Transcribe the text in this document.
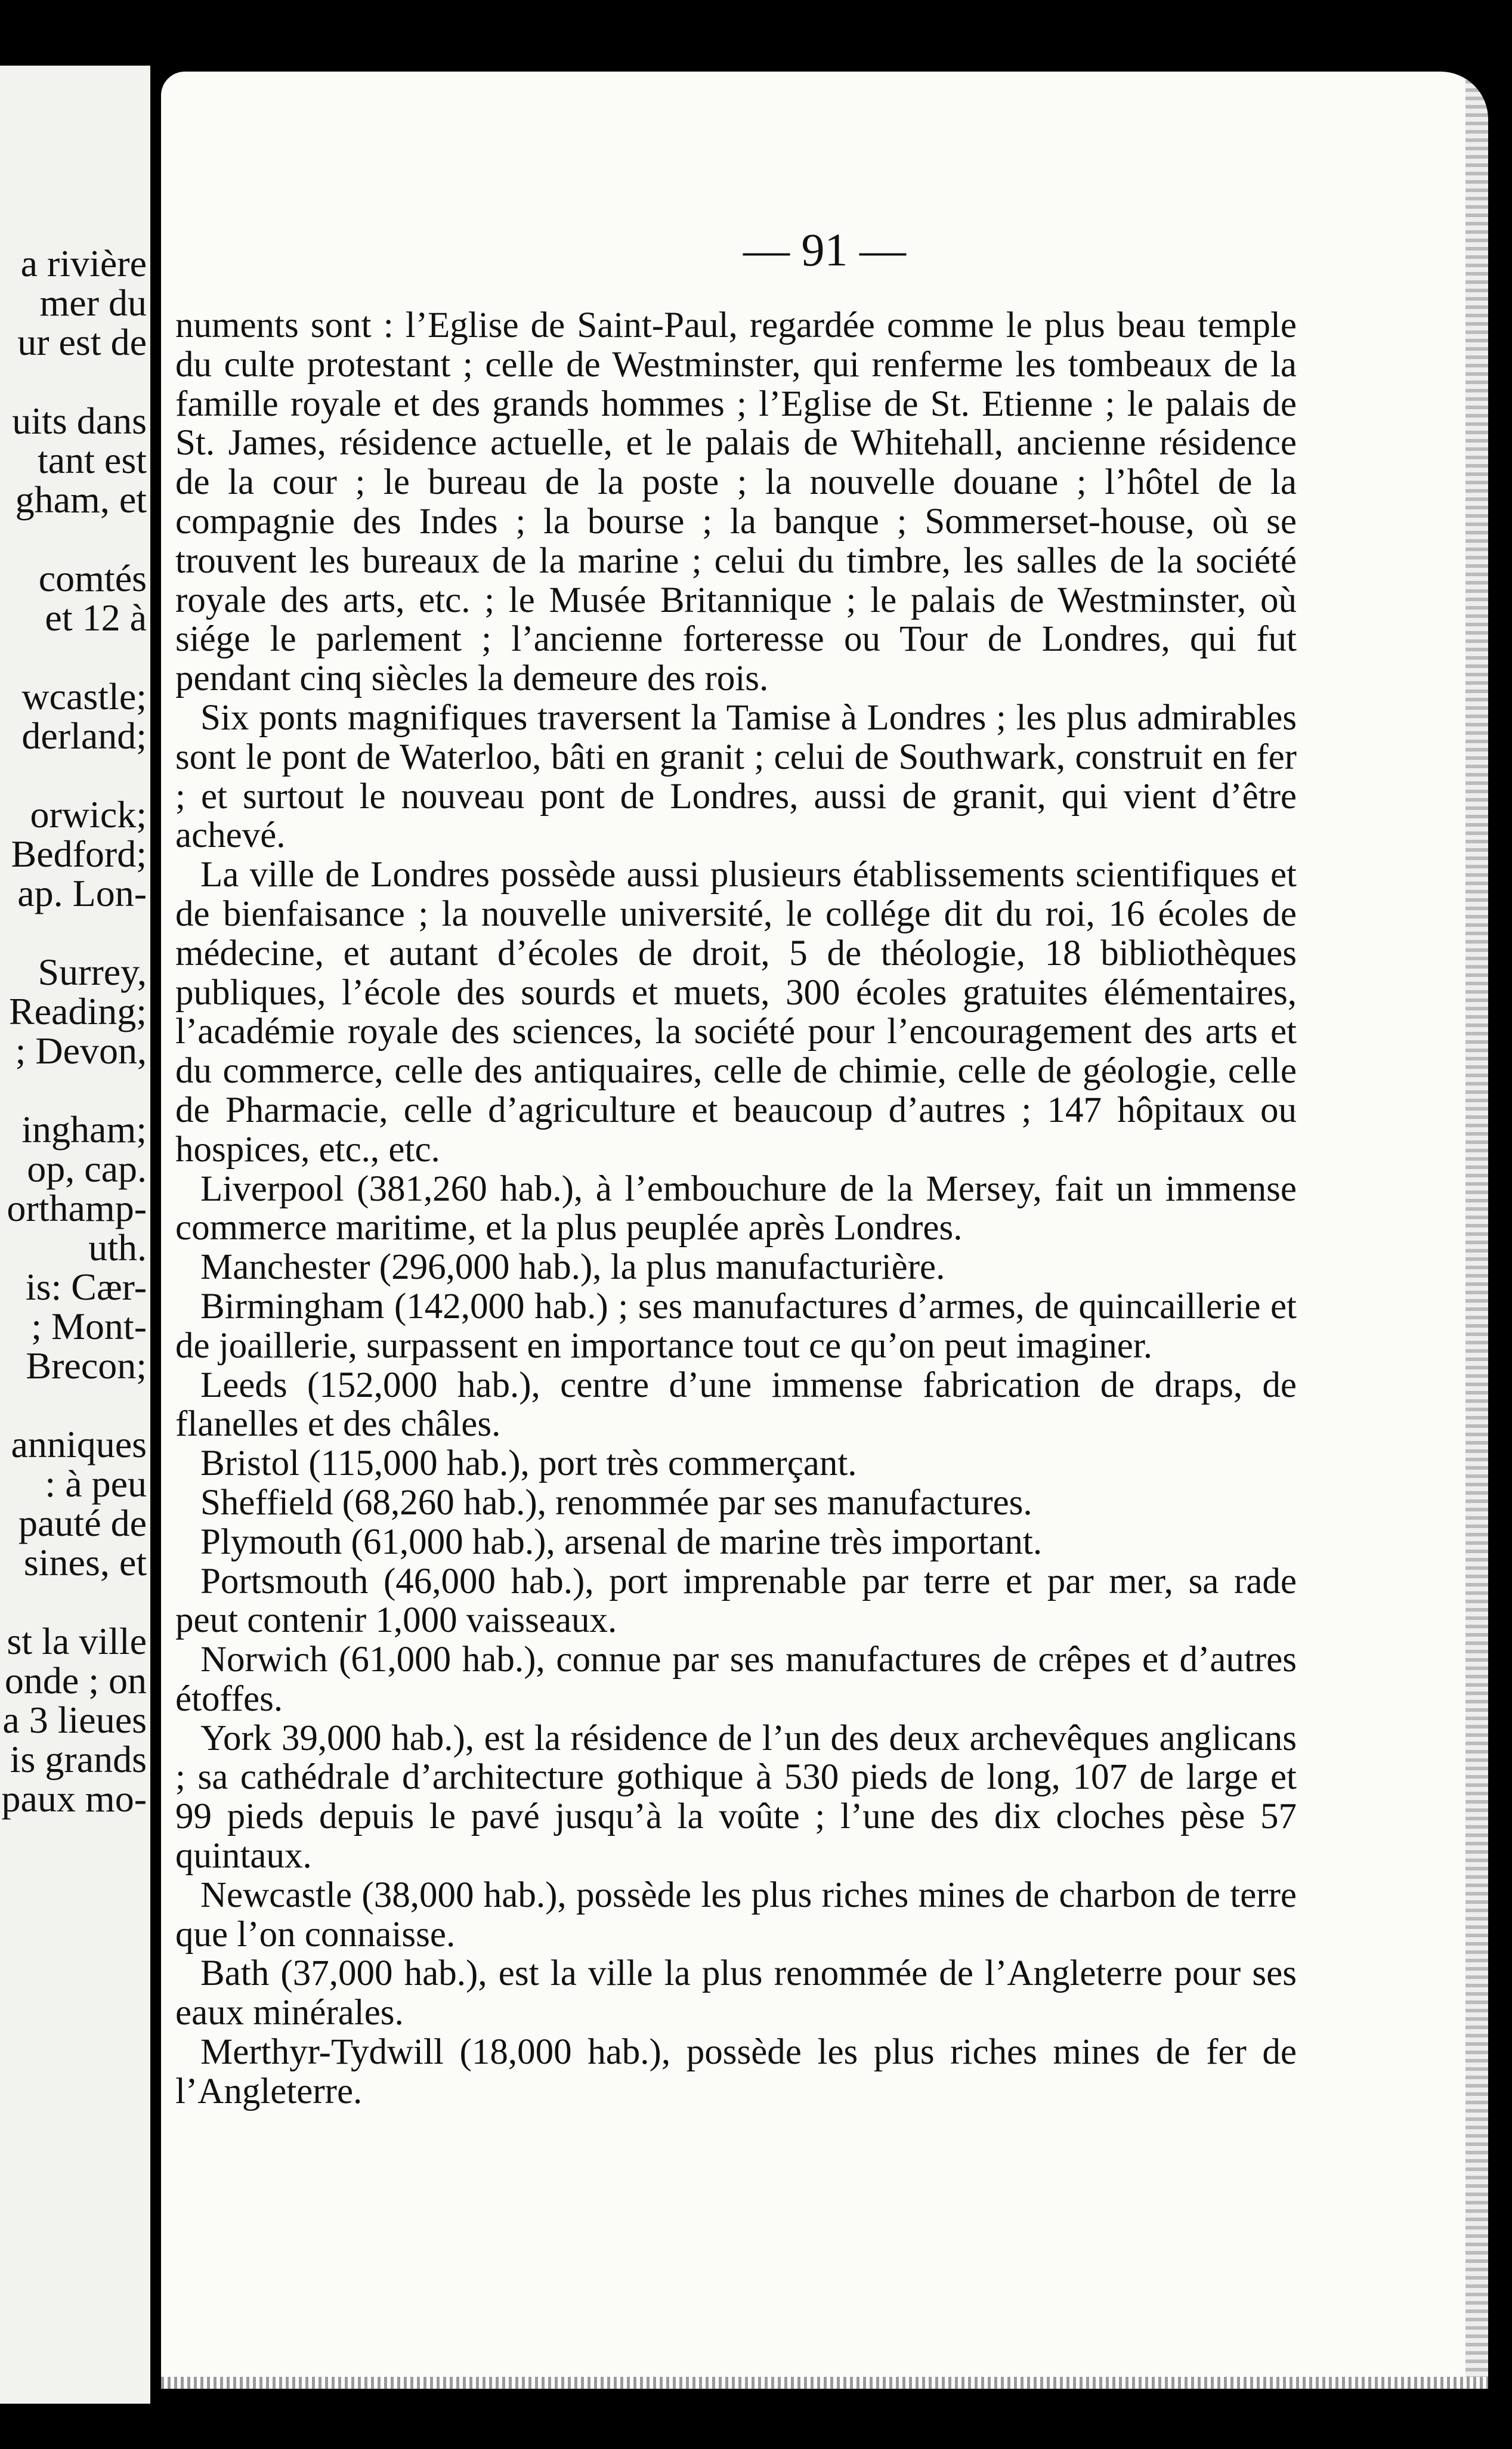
a rivière
mer du
ur est de
uits dans
tant est
gham, et
comtés
et 12 à
wcastle;
derland;
orwick;
Bedford;
ap. Lon-
Surrey,
Reading;
; Devon,
ingham;
op, cap.
orthamp-
uth.
is: Cær-
; Mont-
Brecon;
anniques
: à peu
pauté de
sines, et
st la ville
onde ; on
a 3 lieues
is grands
paux mo-
— 91 —

numents sont : l’Eglise de Saint-Paul, regardée comme le plus beau temple du culte protestant ; celle de Westminster, qui renferme les tombeaux de la famille royale et des grands hommes ; l’Eglise de St. Etienne ; le palais de St. James, résidence actuelle, et le palais de Whitehall, ancienne résidence de la cour ; le bureau de la poste ; la nouvelle douane ; l’hôtel de la compagnie des Indes ; la bourse ; la banque ; Sommerset-house, où se trouvent les bureaux de la marine ; celui du timbre, les salles de la société royale des arts, etc. ; le Musée Britannique ; le palais de Westminster, où siége le parlement ; l’ancienne forteresse ou Tour de Londres, qui fut pendant cinq siècles la demeure des rois.

Six ponts magnifiques traversent la Tamise à Londres ; les plus admirables sont le pont de Waterloo, bâti en granit ; celui de Southwark, construit en fer ; et surtout le nouveau pont de Londres, aussi de granit, qui vient d’être achevé.

La ville de Londres possède aussi plusieurs établissements scientifiques et de bienfaisance ; la nouvelle université, le collége dit du roi, 16 écoles de médecine, et autant d’écoles de droit, 5 de théologie, 18 bibliothèques publiques, l’école des sourds et muets, 300 écoles gratuites élémentaires, l’académie royale des sciences, la société pour l’encouragement des arts et du commerce, celle des antiquaires, celle de chimie, celle de géologie, celle de Pharmacie, celle d’agriculture et beaucoup d’autres ; 147 hôpitaux ou hospices, etc., etc.

Liverpool (381,260 hab.), à l’embouchure de la Mersey, fait un immense commerce maritime, et la plus peuplée après Londres.

Manchester (296,000 hab.), la plus manufacturière.

Birmingham (142,000 hab.) ; ses manufactures d’armes, de quincaillerie et de joaillerie, surpassent en importance tout ce qu’on peut imaginer.

Leeds (152,000 hab.), centre d’une immense fabrication de draps, de flanelles et des châles.

Bristol (115,000 hab.), port très commerçant.

Sheffield (68,260 hab.), renommée par ses manufactures.

Plymouth (61,000 hab.), arsenal de marine très important.

Portsmouth (46,000 hab.), port imprenable par terre et par mer, sa rade peut contenir 1,000 vaisseaux.

Norwich (61,000 hab.), connue par ses manufactures de crêpes et d’autres étoffes.

York 39,000 hab.), est la résidence de l’un des deux archevêques anglicans ; sa cathédrale d’architecture gothique à 530 pieds de long, 107 de large et 99 pieds depuis le pavé jusqu’à la voûte ; l’une des dix cloches pèse 57 quintaux.

Newcastle (38,000 hab.), possède les plus riches mines de charbon de terre que l’on connaisse.

Bath (37,000 hab.), est la ville la plus renommée de l’Angleterre pour ses eaux minérales.

Merthyr-Tydwill (18,000 hab.), possède les plus riches mines de fer de l’Angleterre.
